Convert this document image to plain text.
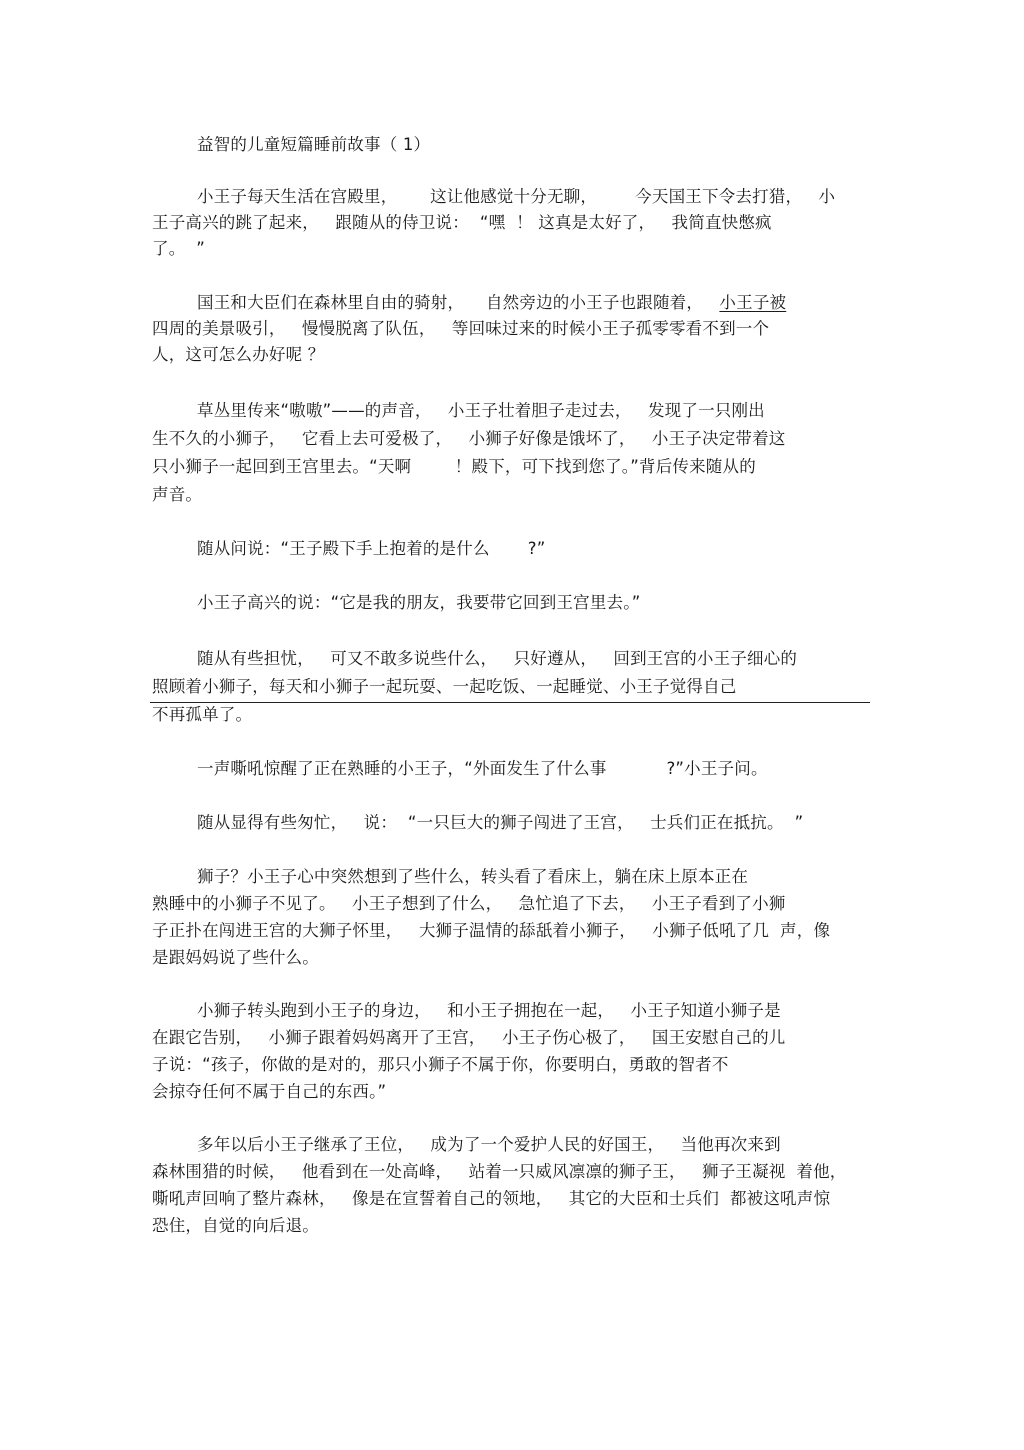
益智的儿童短篇睡前故事（ 1）
小王子每天生活在宫殿里，      这让他感觉十分无聊，       今天国王下令去打猎，   小
王子高兴的跳了起来，   跟随从的侍卫说：  “嘿  ！ 这真是太好了，   我简直快憋疯
了。  ”
国王和大臣们在森林里自由的骑射，    自然旁边的小王子也跟随着，   小王子被
四周的美景吸引，   慢慢脱离了队伍，   等回味过来的时候小王子孤零零看不到一个
人，这可怎么办好呢 ？
草丛里传来“嗷嗷”——的声音，   小王子壮着胆子走过去，   发现了一只刚出
生不久的小狮子，   它看上去可爱极了，   小狮子好像是饿坏了，   小王子决定带着这
只小狮子一起回到王宫里去。“天啊        ！殿下，可下找到您了。”背后传来随从的
声音。
随从问说：“王子殿下手上抱着的是什么       ?”
小王子高兴的说：“它是我的朋友，我要带它回到王宫里去。”
随从有些担忧，   可又不敢多说些什么，   只好遵从，   回到王宫的小王子细心的
照顾着小狮子，每天和小狮子一起玩耍、一起吃饭、一起睡觉、小王子觉得自己
不再孤单了。
一声嘶吼惊醒了正在熟睡的小王子，“外面发生了什么事           ?”小王子问。
随从显得有些匆忙，   说：  “一只巨大的狮子闯进了王宫，   士兵们正在抵抗。  ”
狮子？小王子心中突然想到了些什么，转头看了看床上，躺在床上原本正在
熟睡中的小狮子不见了。   小王子想到了什么，   急忙追了下去，   小王子看到了小狮
子正扑在闯进王宫的大狮子怀里，   大狮子温情的舔舐着小狮子，   小狮子低吼了几  声，像
是跟妈妈说了些什么。
小狮子转头跑到小王子的身边，   和小王子拥抱在一起，   小王子知道小狮子是
在跟它告别，   小狮子跟着妈妈离开了王宫，   小王子伤心极了，   国王安慰自己的儿
子说：“孩子，你做的是对的，那只小狮子不属于你，你要明白，勇敢的智者不
会掠夺任何不属于自己的东西。”
多年以后小王子继承了王位，   成为了一个爱护人民的好国王，   当他再次来到
森林围猎的时候，   他看到在一处高峰，   站着一只威风凛凛的狮子王，   狮子王凝视  着他，
嘶吼声回响了整片森林，   像是在宣誓着自己的领地，   其它的大臣和士兵们  都被这吼声惊
恐住，自觉的向后退。
